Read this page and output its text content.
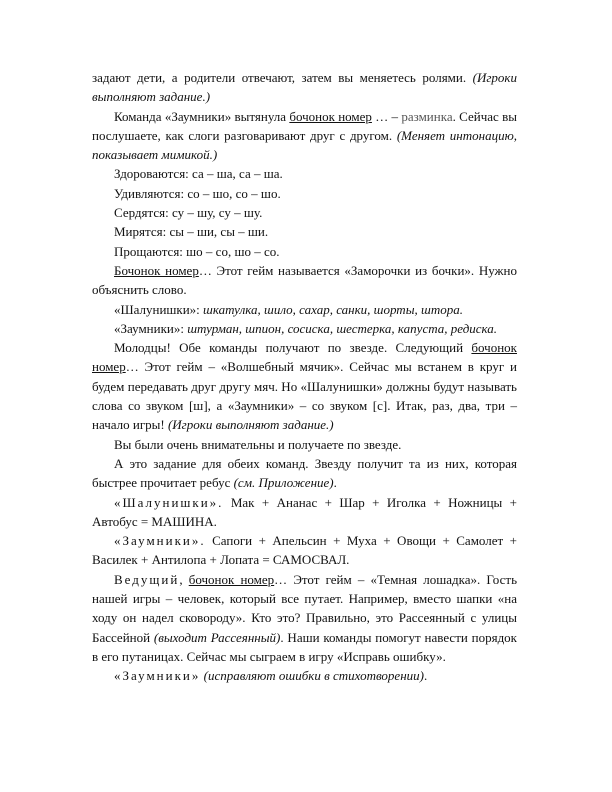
задают дети, а родители отвечают, затем вы меняетесь ролями. (Игроки выполняют задание.)

Команда «Заумники» вытянула бочонок номер … – разминка. Сейчас вы послушаете, как слоги разговаривают друг с другом. (Меняет интонацию, показывает мимикой.)

Здороваются: са – ша, са – ша.

Удивляются: со – шо, со – шо.

Сердятся: су – шу, су – шу.

Мирятся: сы – ши, сы – ши.

Прощаются: шо – со, шо – со.

Бочонок номер… Этот гейм называется «Заморочки из бочки». Нужно объяснить слово.

«Шалунишки»: шкатулка, шило, сахар, санки, шорты, штора.

«Заумники»: штурман, шпион, сосиска, шестерка, капуста, редиска.

Молодцы! Обе команды получают по звезде. Следующий бочонок номер… Этот гейм – «Волшебный мячик». Сейчас мы встанем в круг и будем передавать друг другу мяч. Но «Шалунишки» должны будут называть слова со звуком [ш], а «Заумники» – со звуком [с]. Итак, раз, два, три – начало игры! (Игроки выполняют задание.)

Вы были очень внимательны и получаете по звезде.

А это задание для обеих команд. Звезду получит та из них, которая быстрее прочитает ребус (см. Приложение).

«Шалунишки». Мак + Ананас + Шар + Иголка + Ножницы + Автобус = МАШИНА.

«Заумники». Сапоги + Апельсин + Муха + Овощи + Самолет + Василек + Антилопа + Лопата = САМОСВАЛ.

Ведущий, бочонок номер… Этот гейм – «Темная лошадка». Гость нашей игры – человек, который все путает. Например, вместо шапки «на ходу он надел сковороду». Кто это? Правильно, это Рассеянный с улицы Бассейной (выходит Рассеянный). Наши команды помогут навести порядок в его путаницах. Сейчас мы сыграем в игру «Исправь ошибку».

«Заумники» (исправляют ошибки в стихотворении).
